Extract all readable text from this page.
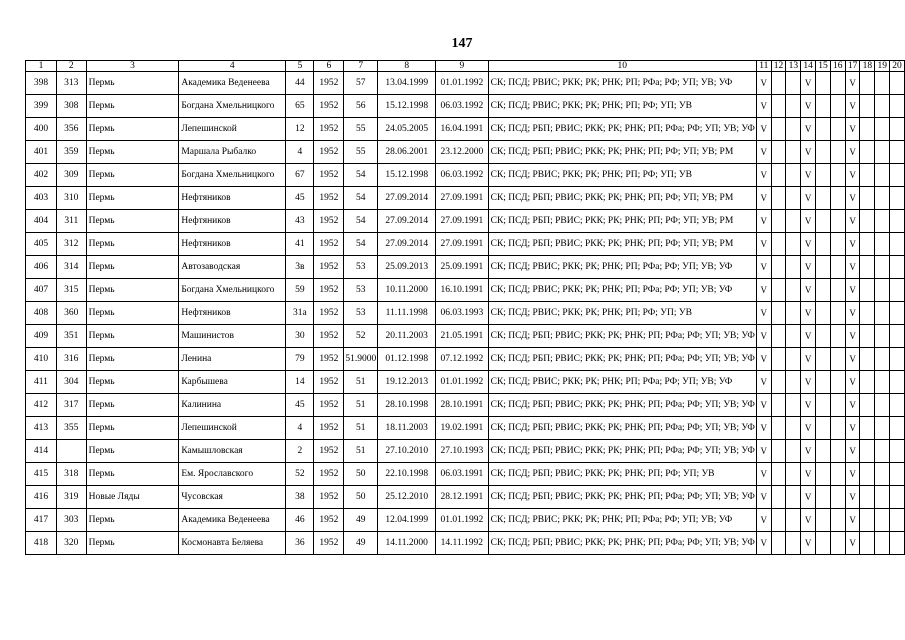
147
1	2	3	4	5	6	7	8	9	10	11	12	13	14	15	16	17	18	19	20
398	313	Пермь	Академика Веденеева	44	1952	57	13.04.1999	01.01.1992	СК; ПСД; РВИС; РКК; РК; РНК; РП; РФа; РФ; УП; УВ; УФ	V			V			V			
399	308	Пермь	Богдана Хмельницкого	65	1952	56	15.12.1998	06.03.1992	СК; ПСД; РВИС; РКК; РК; РНК; РП; РФ; УП; УВ	V			V			V			
400	356	Пермь	Лепешинской	12	1952	55	24.05.2005	16.04.1991	СК; ПСД; РБП; РВИС; РКК; РК; РНК; РП; РФа; РФ; УП; УВ; УФ	V			V			V			
401	359	Пермь	Маршала Рыбалко	4	1952	55	28.06.2001	23.12.2000	СК; ПСД; РБП; РВИС; РКК; РК; РНК; РП; РФ; УП; УВ; РМ	V			V			V			
402	309	Пермь	Богдана Хмельницкого	67	1952	54	15.12.1998	06.03.1992	СК; ПСД; РВИС; РКК; РК; РНК; РП; РФ; УП; УВ	V			V			V			
403	310	Пермь	Нефтяников	45	1952	54	27.09.2014	27.09.1991	СК; ПСД; РБП; РВИС; РКК; РК; РНК; РП; РФ; УП; УВ; РМ	V			V			V			
404	311	Пермь	Нефтяников	43	1952	54	27.09.2014	27.09.1991	СК; ПСД; РБП; РВИС; РКК; РК; РНК; РП; РФ; УП; УВ; РМ	V			V			V			
405	312	Пермь	Нефтяников	41	1952	54	27.09.2014	27.09.1991	СК; ПСД; РБП; РВИС; РКК; РК; РНК; РП; РФ; УП; УВ; РМ	V			V			V			
406	314	Пермь	Автозаводская	3в	1952	53	25.09.2013	25.09.1991	СК; ПСД; РВИС; РКК; РК; РНК; РП; РФа; РФ; УП; УВ; УФ	V			V			V			
407	315	Пермь	Богдана Хмельницкого	59	1952	53	10.11.2000	16.10.1991	СК; ПСД; РВИС; РКК; РК; РНК; РП; РФа; РФ; УП; УВ; УФ	V			V			V			
408	360	Пермь	Нефтяников	31а	1952	53	11.11.1998	06.03.1993	СК; ПСД; РВИС; РКК; РК; РНК; РП; РФ; УП; УВ	V			V			V			
409	351	Пермь	Машинистов	30	1952	52	20.11.2003	21.05.1991	СК; ПСД; РБП; РВИС; РКК; РК; РНК; РП; РФа; РФ; УП; УВ; УФ	V			V			V			
410	316	Пермь	Ленина	79	1952	51.9000	01.12.1998	07.12.1992	СК; ПСД; РБП; РВИС; РКК; РК; РНК; РП; РФа; РФ; УП; УВ; УФ	V			V			V			
411	304	Пермь	Карбышева	14	1952	51	19.12.2013	01.01.1992	СК; ПСД; РВИС; РКК; РК; РНК; РП; РФа; РФ; УП; УВ; УФ	V			V			V			
412	317	Пермь	Калинина	45	1952	51	28.10.1998	28.10.1991	СК; ПСД; РБП; РВИС; РКК; РК; РНК; РП; РФа; РФ; УП; УВ; УФ	V			V			V			
413	355	Пермь	Лепешинской	4	1952	51	18.11.2003	19.02.1991	СК; ПСД; РБП; РВИС; РКК; РК; РНК; РП; РФа; РФ; УП; УВ; УФ	V			V			V			
414		Пермь	Камышловская	2	1952	51	27.10.2010	27.10.1993	СК; ПСД; РБП; РВИС; РКК; РК; РНК; РП; РФа; РФ; УП; УВ; УФ	V			V			V			
415	318	Пермь	Ем. Ярославского	52	1952	50	22.10.1998	06.03.1991	СК; ПСД; РБП; РВИС; РКК; РК; РНК; РП; РФ; УП; УВ	V			V			V			
416	319	Новые Ляды	Чусовская	38	1952	50	25.12.2010	28.12.1991	СК; ПСД; РБП; РВИС; РКК; РК; РНК; РП; РФа; РФ; УП; УВ; УФ	V			V			V			
417	303	Пермь	Академика Веденеева	46	1952	49	12.04.1999	01.01.1992	СК; ПСД; РВИС; РКК; РК; РНК; РП; РФа; РФ; УП; УВ; УФ	V			V			V			
418	320	Пермь	Космонавта Беляева	36	1952	49	14.11.2000	14.11.1992	СК; ПСД; РБП; РВИС; РКК; РК; РНК; РП; РФа; РФ; УП; УВ; УФ	V			V			V			
